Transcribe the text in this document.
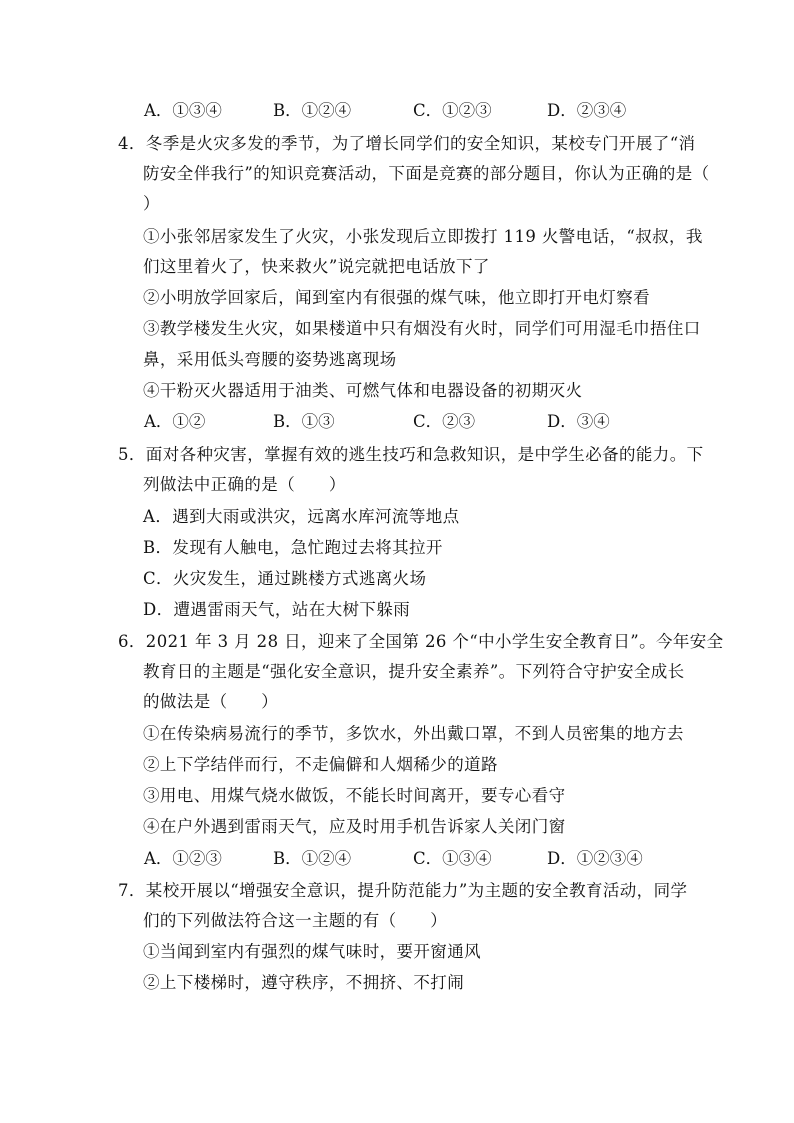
A．①③④	B．①②④	C．①②③	D．②③④
4．冬季是火灾多发的季节，为了增长同学们的安全知识，某校专门开展了“消
防安全伴我行”的知识竞赛活动，下面是竞赛的部分题目，你认为正确的是（
）
①小张邻居家发生了火灾，小张发现后立即拨打 119 火警电话，“叔叔，我
们这里着火了，快来救火”说完就把电话放下了
②小明放学回家后，闻到室内有很强的煤气味，他立即打开电灯察看
③教学楼发生火灾，如果楼道中只有烟没有火时，同学们可用湿毛巾捂住口
鼻，采用低头弯腰的姿势逃离现场
④干粉灭火器适用于油类、可燃气体和电器设备的初期灭火
A．①②	B．①③	C．②③	D．③④
5．面对各种灾害，掌握有效的逃生技巧和急救知识，是中学生必备的能力。下
列做法中正确的是（　　）
A．遇到大雨或洪灾，远离水库河流等地点
B．发现有人触电，急忙跑过去将其拉开
C．火灾发生，通过跳楼方式逃离火场
D．遭遇雷雨天气，站在大树下躲雨
6．2021 年 3 月 28 日，迎来了全国第 26 个“中小学生安全教育日”。今年安全
教育日的主题是“强化安全意识，提升安全素养”。下列符合守护安全成长
的做法是（　　）
①在传染病易流行的季节，多饮水，外出戴口罩，不到人员密集的地方去
②上下学结伴而行，不走偏僻和人烟稀少的道路
③用电、用煤气烧水做饭，不能长时间离开，要专心看守
④在户外遇到雷雨天气，应及时用手机告诉家人关闭门窗
A．①②③	B．①②④	C．①③④	D．①②③④
7．某校开展以“增强安全意识，提升防范能力”为主题的安全教育活动，同学
们的下列做法符合这一主题的有（　　）
①当闻到室内有强烈的煤气味时，要开窗通风
②上下楼梯时，遵守秩序，不拥挤、不打闹
